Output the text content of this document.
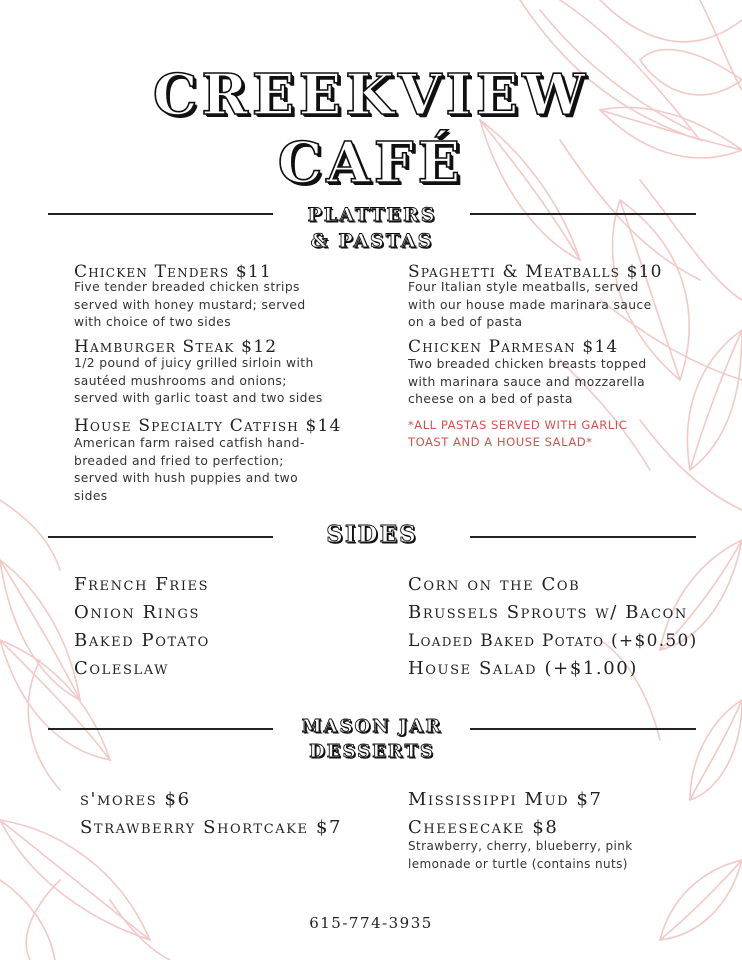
CREEKVIEW
CAFÉ
PLATTERS
& PASTAS
Chicken Tenders $11
Five tender breaded chicken strips served with honey mustard; served with choice of two sides
Hamburger Steak $12
1/2 pound of juicy grilled sirloin with sautéed mushrooms and onions; served with garlic toast and two sides
House Specialty Catfish $14
American farm raised catfish hand-breaded and fried to perfection; served with hush puppies and two sides
Spaghetti & Meatballs $10
Four Italian style meatballs, served with our house made marinara sauce on a bed of pasta
Chicken Parmesan $14
Two breaded chicken breasts topped with marinara sauce and mozzarella cheese on a bed of pasta
*ALL PASTAS SERVED WITH GARLIC TOAST AND A HOUSE SALAD*
SIDES
French Fries
Onion Rings
Baked Potato
Coleslaw
Corn on the Cob
Brussels Sprouts w/ Bacon
Loaded Baked Potato (+$0.50)
House Salad (+$1.00)
MASON JAR
DESSERTS
s'mores $6
Strawberry Shortcake $7
Mississippi Mud $7
Cheesecake $8
Strawberry, cherry, blueberry, pink lemonade or turtle (contains nuts)
615-774-3935
